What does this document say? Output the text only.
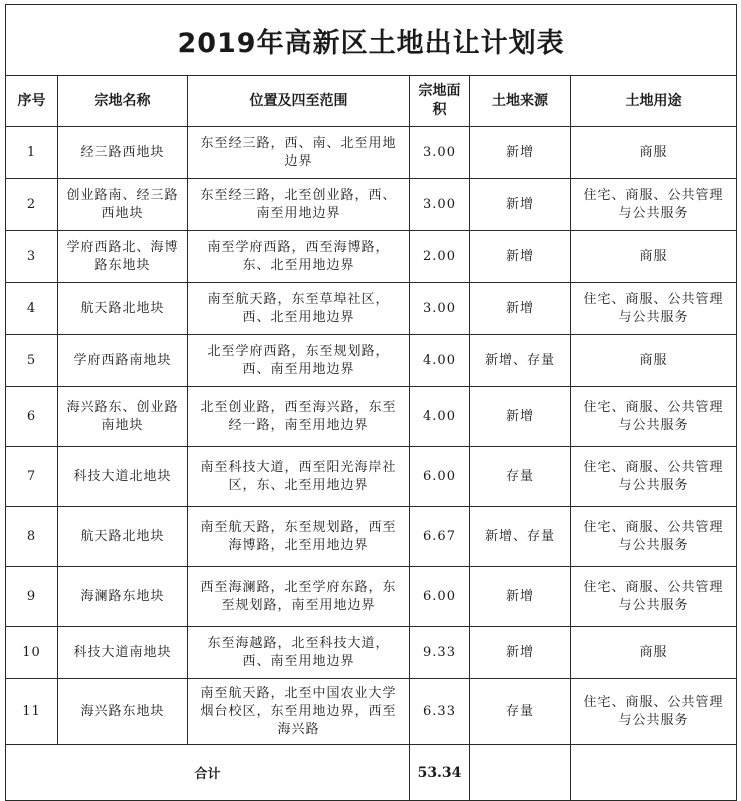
2019年高新区土地出让计划表					
序号	宗地名称	位置及四至范围	宗地面积	土地来源	土地用途
1	经三路西地块	东至经三路，西、南、北至用地边界	3.00	新增	商服
2	创业路南、经三路西地块	东至经三路，北至创业路，西、南至用地边界	3.00	新增	住宅、商服、公共管理与公共服务
3	学府西路北、海博路东地块	南至学府西路，西至海博路，东、北至用地边界	2.00	新增	商服
4	航天路北地块	南至航天路，东至草埠社区，西、北至用地边界	3.00	新增	住宅、商服、公共管理与公共服务
5	学府西路南地块	北至学府西路，东至规划路，西、南至用地边界	4.00	新增、存量	商服
6	海兴路东、创业路南地块	北至创业路，西至海兴路，东至经一路，南至用地边界	4.00	新增	住宅、商服、公共管理与公共服务
7	科技大道北地块	南至科技大道，西至阳光海岸社区，东、北至用地边界	6.00	存量	住宅、商服、公共管理与公共服务
8	航天路北地块	南至航天路，东至规划路，西至海博路，北至用地边界	6.67	新增、存量	住宅、商服、公共管理与公共服务
9	海澜路东地块	西至海澜路，北至学府东路，东至规划路，南至用地边界	6.00	新增	住宅、商服、公共管理与公共服务
10	科技大道南地块	东至海越路，北至科技大道，西、南至用地边界	9.33	新增	商服
11	海兴路东地块	南至航天路，北至中国农业大学烟台校区，东至用地边界，西至海兴路	6.33	存量	住宅、商服、公共管理与公共服务
合计			53.34		
